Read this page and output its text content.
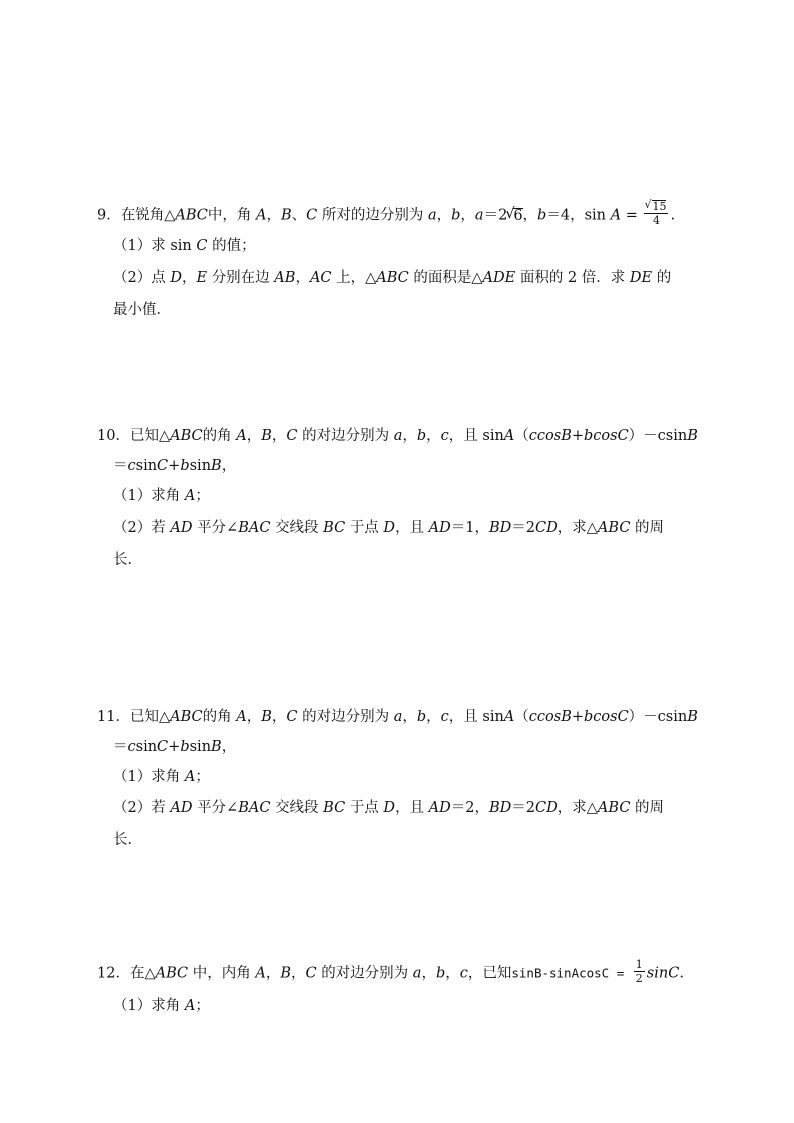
9．在锐角△ABC中，角 A，B、C 所对的边分别为 a，b，a＝2 √ 6，b＝4，sin A = √ $\frac{15}{4}$ .
（1）求 sin C 的值；
（2）点 D，E 分别在边 AB，AC 上，△ABC 的面积是△ADE 面积的 2 倍．求 DE 的
最小值．
10．已知△ABC的角 A，B，C 的对边分别为 a，b，c，且 sinA（ccosB+bcosC）－csinB
＝csinC+bsinB，
（1）求角 A；
（2）若 AD 平分∠BAC 交线段 BC 于点 D，且 AD＝1，BD＝2CD，求△ABC 的周
长．
11．已知△ABC的角 A，B，C 的对边分别为 a，b，c，且 sinA（ccosB+bcosC）－csinB
＝csinC+bsinB，
（1）求角 A；
（2）若 AD 平分∠BAC 交线段 BC 于点 D，且 AD＝2，BD＝2CD，求△ABC 的周
长．
12．在△ABC 中，内角 A，B，C 的对边分别为 a，b，c，已知sinB-sinAcosC = $\frac{1}{2} \sin C$.
（1）求角 A；
